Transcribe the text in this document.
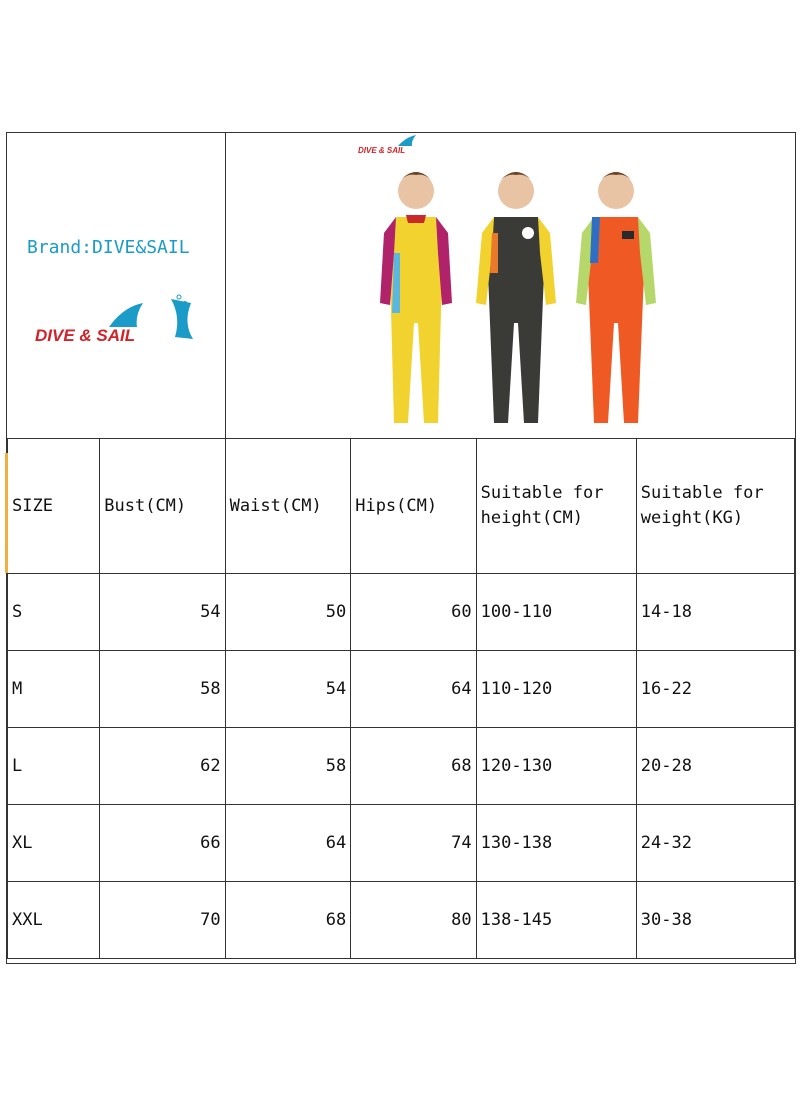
Brand:DIVE&SAIL
DIVE & SAIL
DIVE & SAIL
SIZE	Bust(CM)	Waist(CM)	Hips(CM)	Suitable for height(CM)	Suitable for weight(KG)
S	54	50	60	100-110	14-18
M	58	54	64	110-120	16-22
L	62	58	68	120-130	20-28
XL	66	64	74	130-138	24-32
XXL	70	68	80	138-145	30-38
